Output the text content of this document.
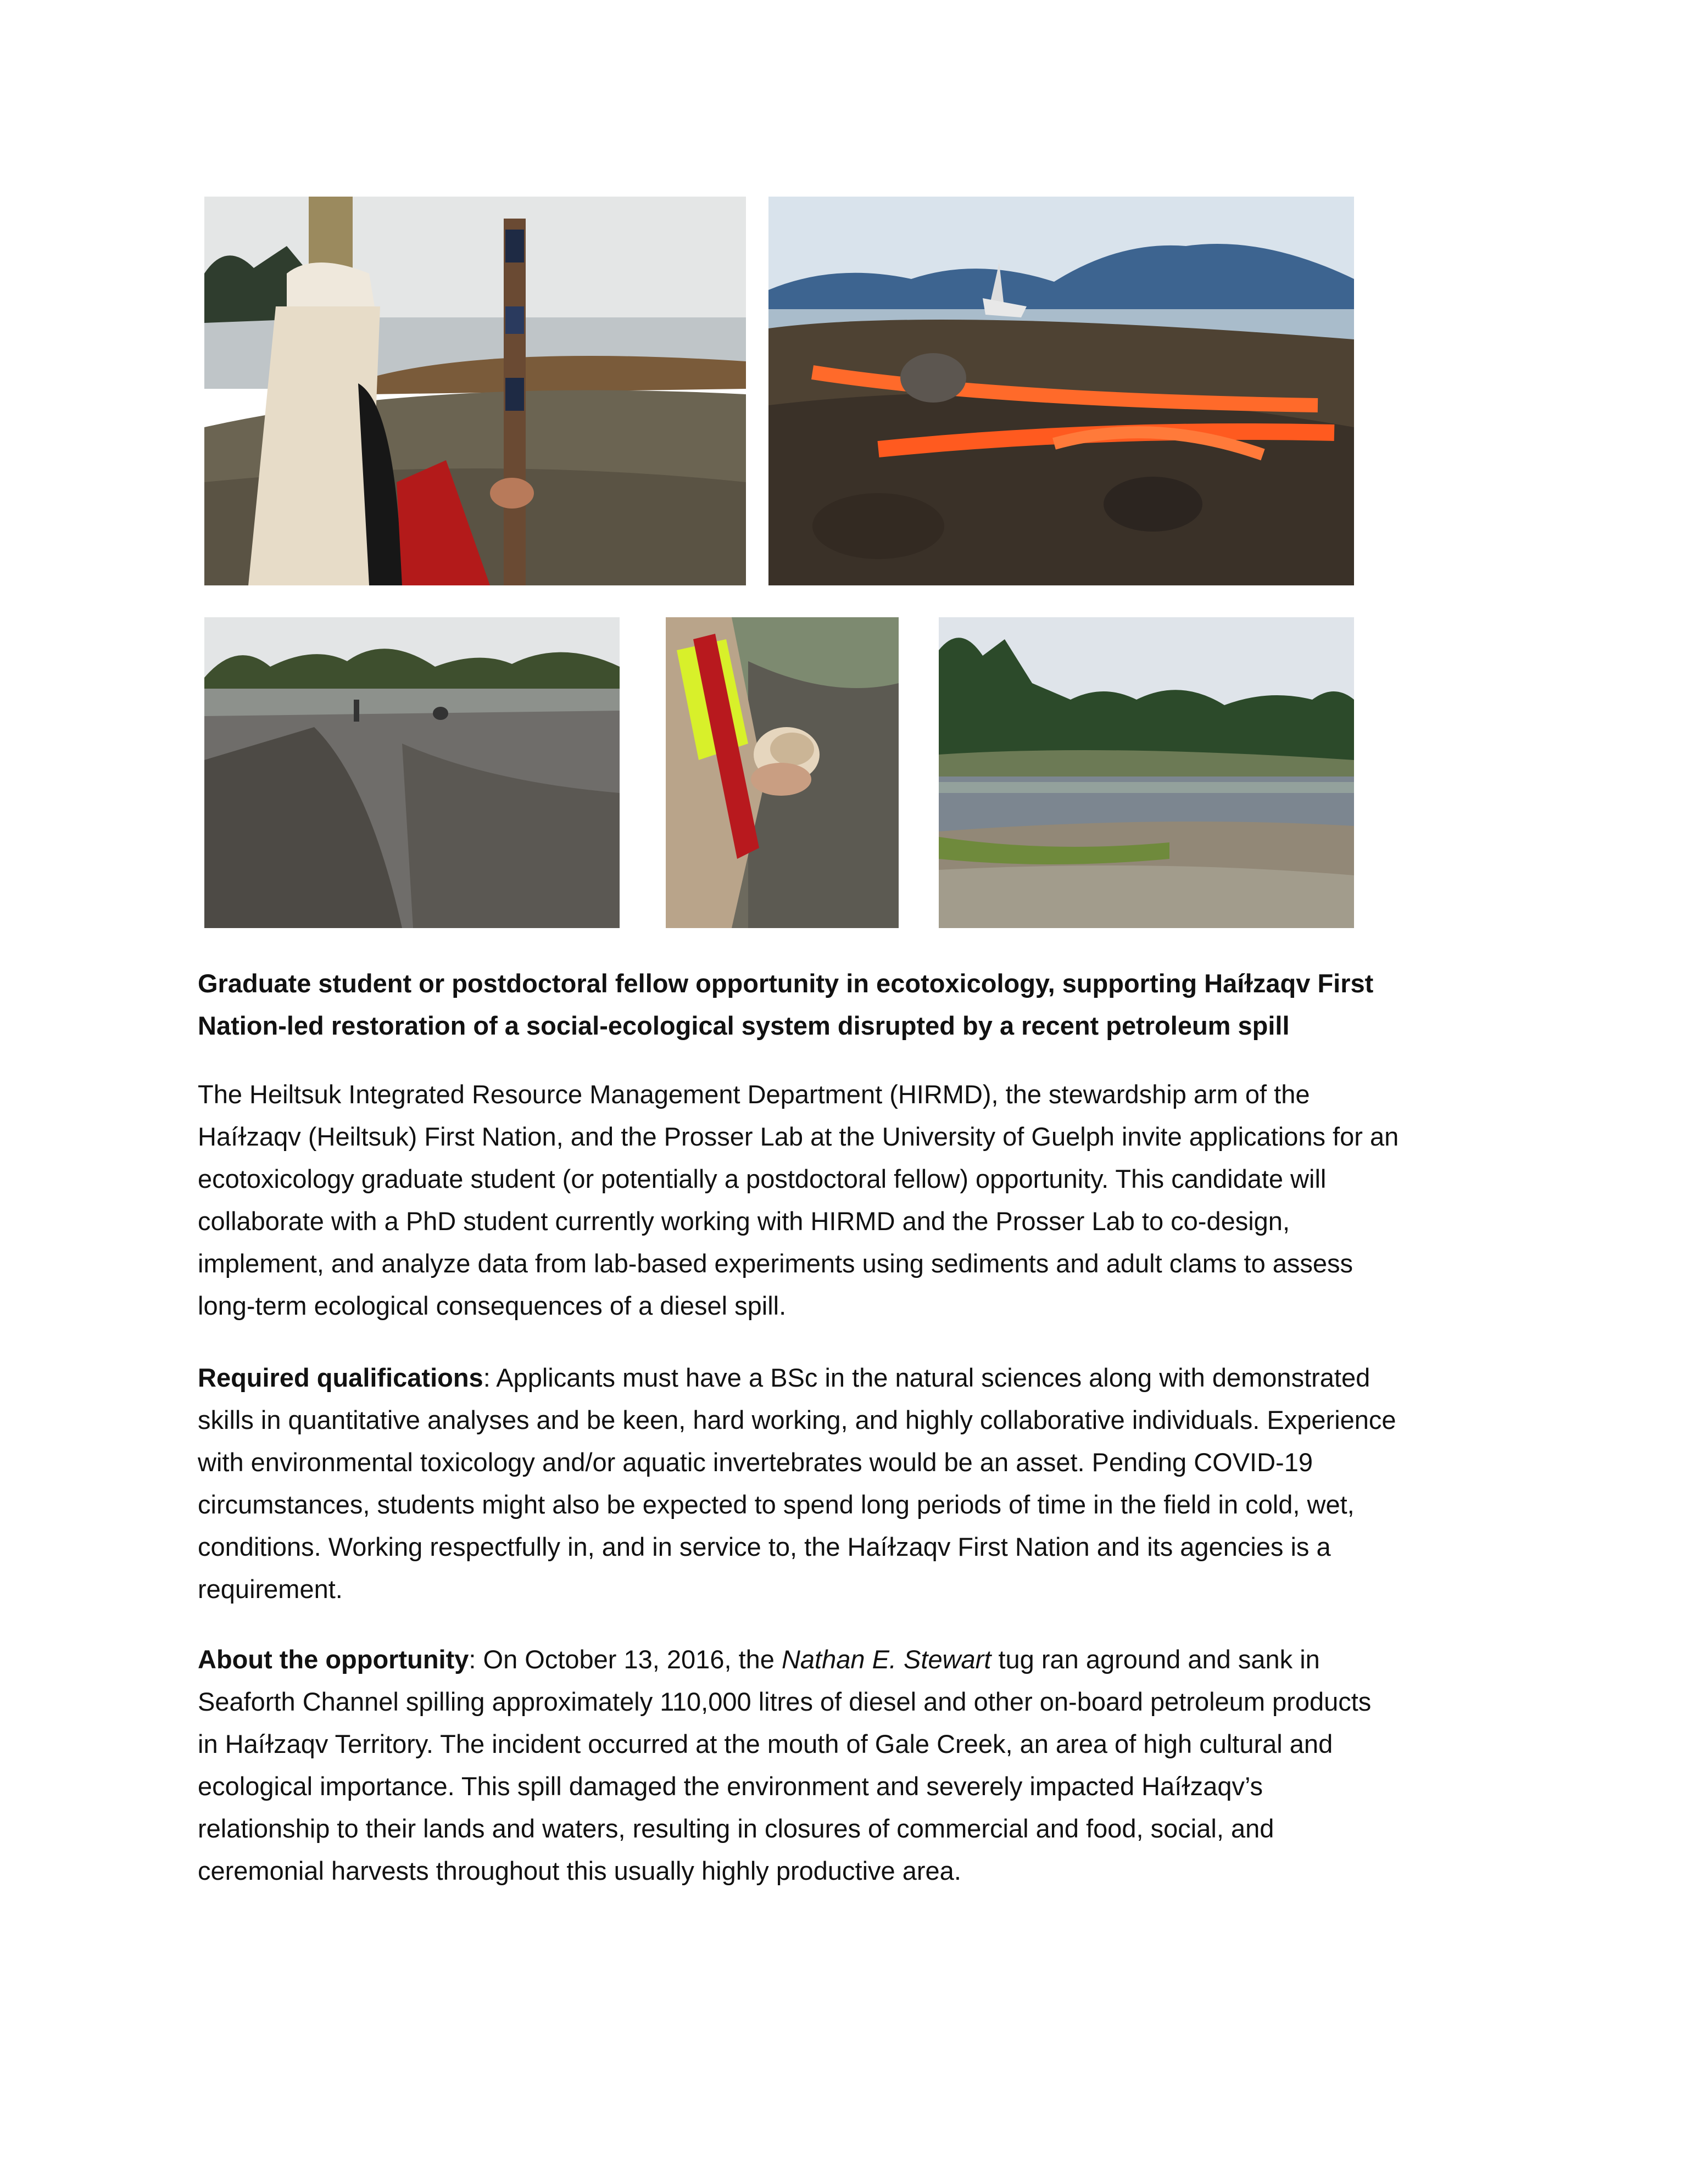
Graduate student or postdoctoral fellow opportunity in ecotoxicology, supporting Haíɫzaqv First
Nation-led restoration of a social-ecological system disrupted by a recent petroleum spill
The Heiltsuk Integrated Resource Management Department (HIRMD), the stewardship arm of the
Haíɫzaqv (Heiltsuk) First Nation, and the Prosser Lab at the University of Guelph invite applications for an
ecotoxicology graduate student (or potentially a postdoctoral fellow) opportunity. This candidate will
collaborate with a PhD student currently working with HIRMD and the Prosser Lab to co-design,
implement, and analyze data from lab-based experiments using sediments and adult clams to assess
long-term ecological consequences of a diesel spill.
Required qualifications: Applicants must have a BSc in the natural sciences along with demonstrated
skills in quantitative analyses and be keen, hard working, and highly collaborative individuals. Experience
with environmental toxicology and/or aquatic invertebrates would be an asset. Pending COVID-19
circumstances, students might also be expected to spend long periods of time in the field in cold, wet,
conditions. Working respectfully in, and in service to, the Haíɫzaqv First Nation and its agencies is a
requirement.
About the opportunity: On October 13, 2016, the Nathan E. Stewart tug ran aground and sank in
Seaforth Channel spilling approximately 110,000 litres of diesel and other on-board petroleum products
in Haíɫzaqv Territory. The incident occurred at the mouth of Gale Creek, an area of high cultural and
ecological importance. This spill damaged the environment and severely impacted Haíɫzaqv’s
relationship to their lands and waters, resulting in closures of commercial and food, social, and
ceremonial harvests throughout this usually highly productive area.
